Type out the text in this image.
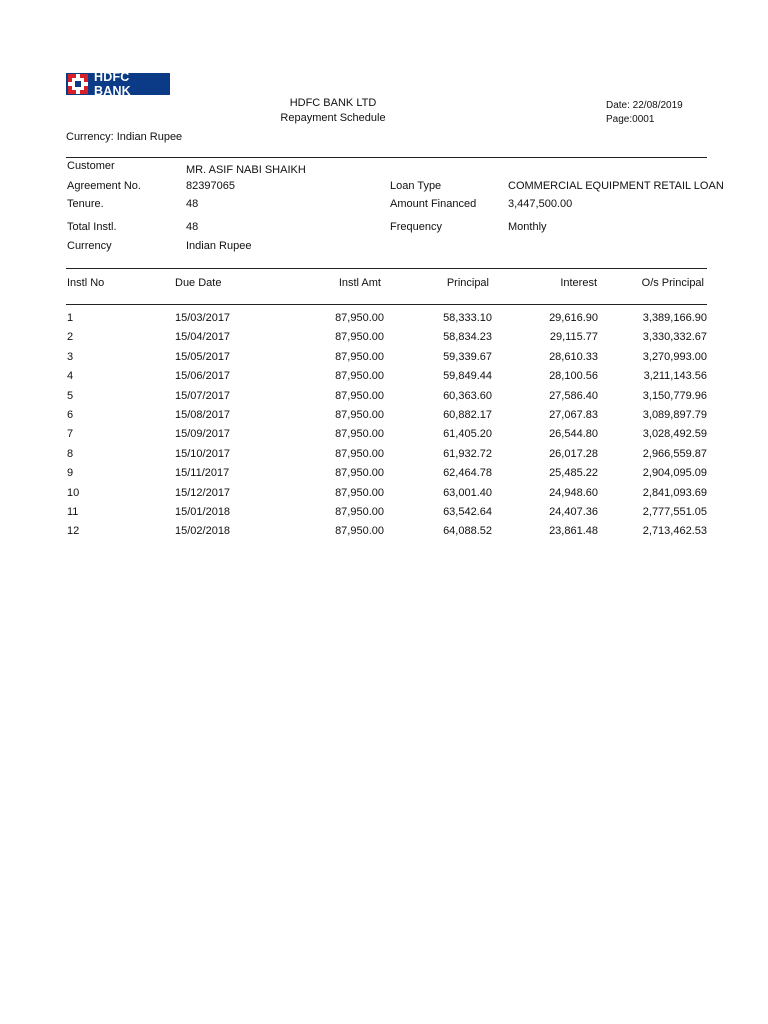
HDFC BANK
HDFC BANK LTD
Repayment Schedule
Date: 22/08/2019
Page:0001
Currency: Indian Rupee
Customer	MR. ASIF NABI SHAIKH
Agreement No.	82397065	Loan Type	COMMERCIAL EQUIPMENT RETAIL LOAN
Tenure.	48	Amount Financed	3,447,500.00
Total Instl.	48	Frequency	Monthly
Currency	Indian Rupee
Instl No	Due Date	Instl Amt	Principal	Interest	O/s Principal
1	15/03/2017	87,950.00	58,333.10	29,616.90	3,389,166.90
2	15/04/2017	87,950.00	58,834.23	29,115.77	3,330,332.67
3	15/05/2017	87,950.00	59,339.67	28,610.33	3,270,993.00
4	15/06/2017	87,950.00	59,849.44	28,100.56	3,211,143.56
5	15/07/2017	87,950.00	60,363.60	27,586.40	3,150,779.96
6	15/08/2017	87,950.00	60,882.17	27,067.83	3,089,897.79
7	15/09/2017	87,950.00	61,405.20	26,544.80	3,028,492.59
8	15/10/2017	87,950.00	61,932.72	26,017.28	2,966,559.87
9	15/11/2017	87,950.00	62,464.78	25,485.22	2,904,095.09
10	15/12/2017	87,950.00	63,001.40	24,948.60	2,841,093.69
11	15/01/2018	87,950.00	63,542.64	24,407.36	2,777,551.05
12	15/02/2018	87,950.00	64,088.52	23,861.48	2,713,462.53
